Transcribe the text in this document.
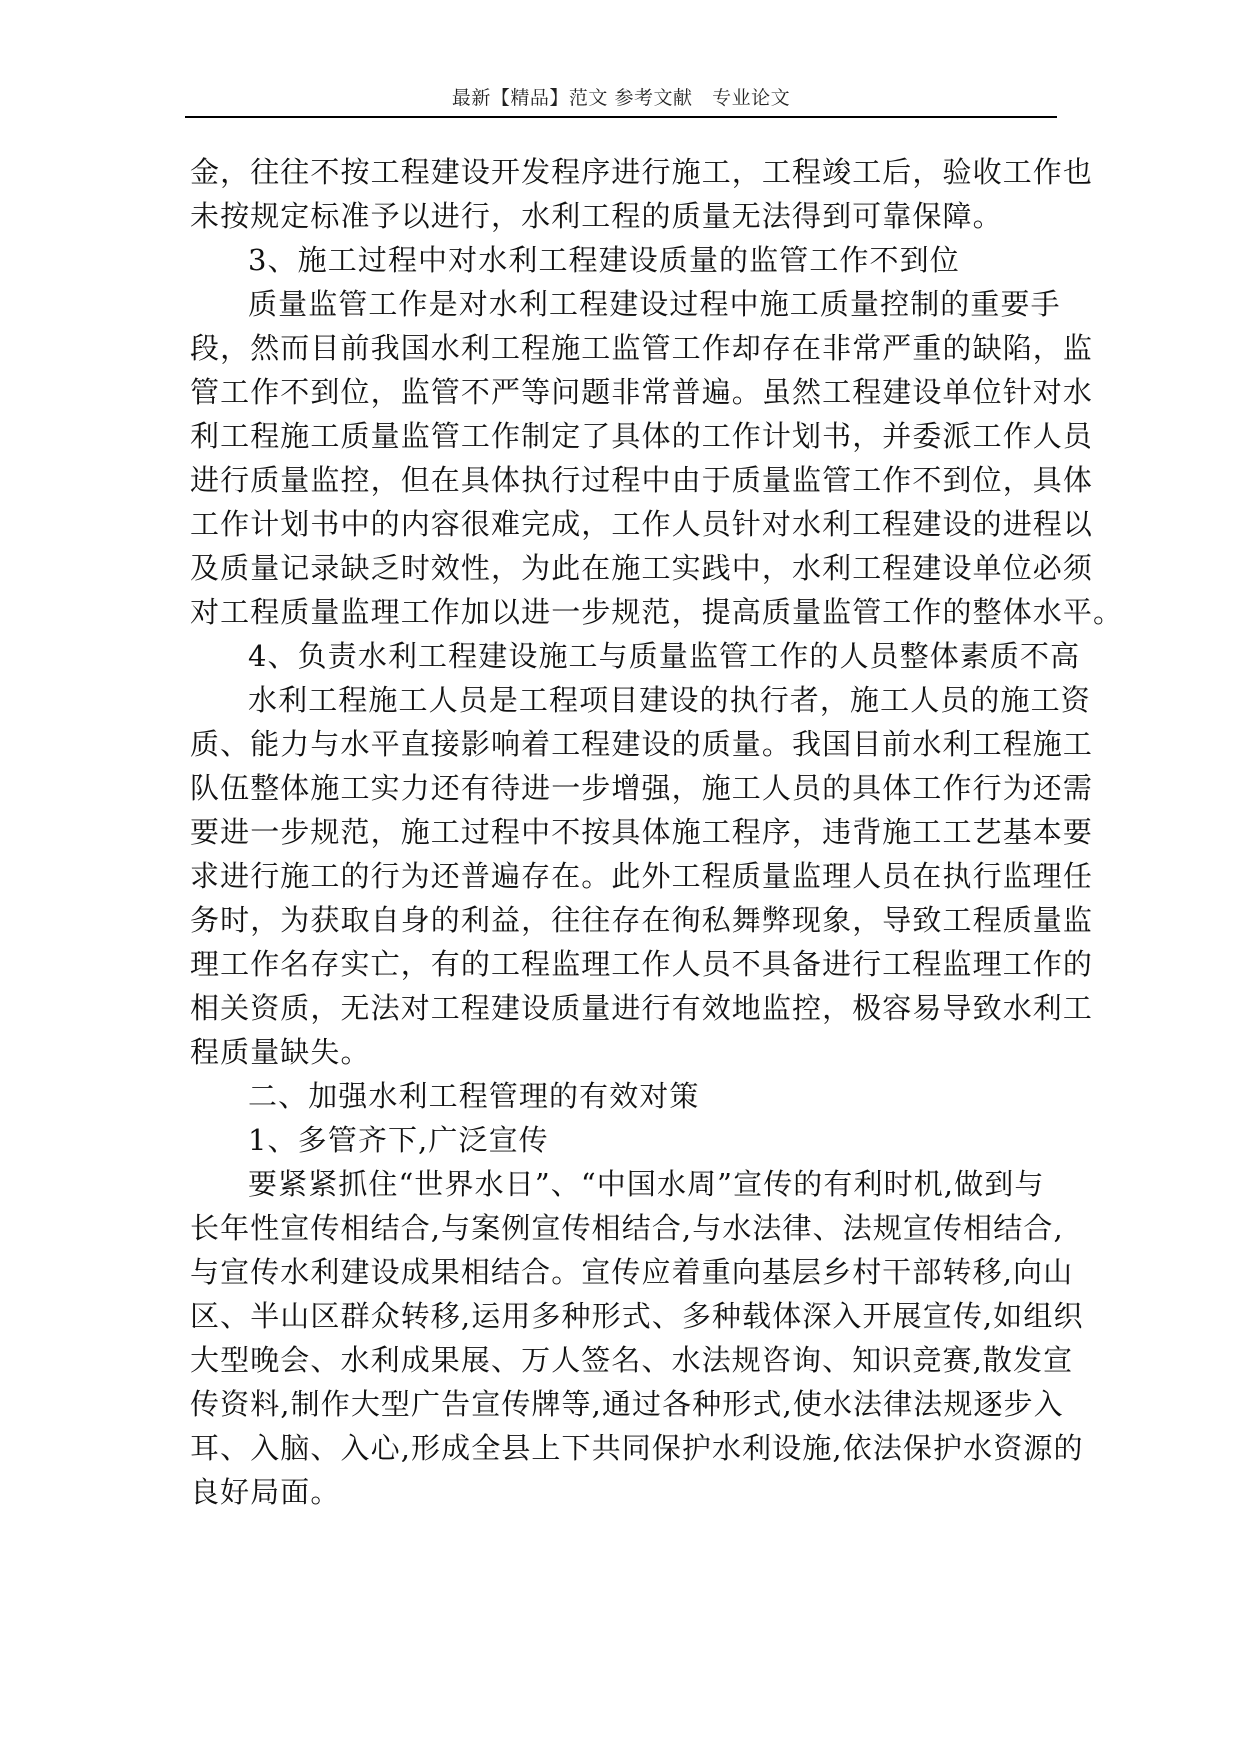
最新【精品】范文 参考文献   专业论文
金，往往不按工程建设开发程序进行施工，工程竣工后，验收工作也
未按规定标准予以进行，水利工程的质量无法得到可靠保障。
3、施工过程中对水利工程建设质量的监管工作不到位
质量监管工作是对水利工程建设过程中施工质量控制的重要手
段，然而目前我国水利工程施工监管工作却存在非常严重的缺陷，监
管工作不到位，监管不严等问题非常普遍。虽然工程建设单位针对水
利工程施工质量监管工作制定了具体的工作计划书，并委派工作人员
进行质量监控，但在具体执行过程中由于质量监管工作不到位，具体
工作计划书中的内容很难完成，工作人员针对水利工程建设的进程以
及质量记录缺乏时效性，为此在施工实践中，水利工程建设单位必须
对工程质量监理工作加以进一步规范，提高质量监管工作的整体水平。
4、负责水利工程建设施工与质量监管工作的人员整体素质不高
水利工程施工人员是工程项目建设的执行者，施工人员的施工资
质、能力与水平直接影响着工程建设的质量。我国目前水利工程施工
队伍整体施工实力还有待进一步增强，施工人员的具体工作行为还需
要进一步规范，施工过程中不按具体施工程序，违背施工工艺基本要
求进行施工的行为还普遍存在。此外工程质量监理人员在执行监理任
务时，为获取自身的利益，往往存在徇私舞弊现象，导致工程质量监
理工作名存实亡，有的工程监理工作人员不具备进行工程监理工作的
相关资质，无法对工程建设质量进行有效地监控，极容易导致水利工
程质量缺失。
二、加强水利工程管理的有效对策
1、多管齐下,广泛宣传
要紧紧抓住“世界水日”、“中国水周”宣传的有利时机,做到与
长年性宣传相结合,与案例宣传相结合,与水法律、法规宣传相结合,
与宣传水利建设成果相结合。宣传应着重向基层乡村干部转移,向山
区、半山区群众转移,运用多种形式、多种载体深入开展宣传,如组织
大型晚会、水利成果展、万人签名、水法规咨询、知识竞赛,散发宣
传资料,制作大型广告宣传牌等,通过各种形式,使水法律法规逐步入
耳、入脑、入心,形成全县上下共同保护水利设施,依法保护水资源的
良好局面。
